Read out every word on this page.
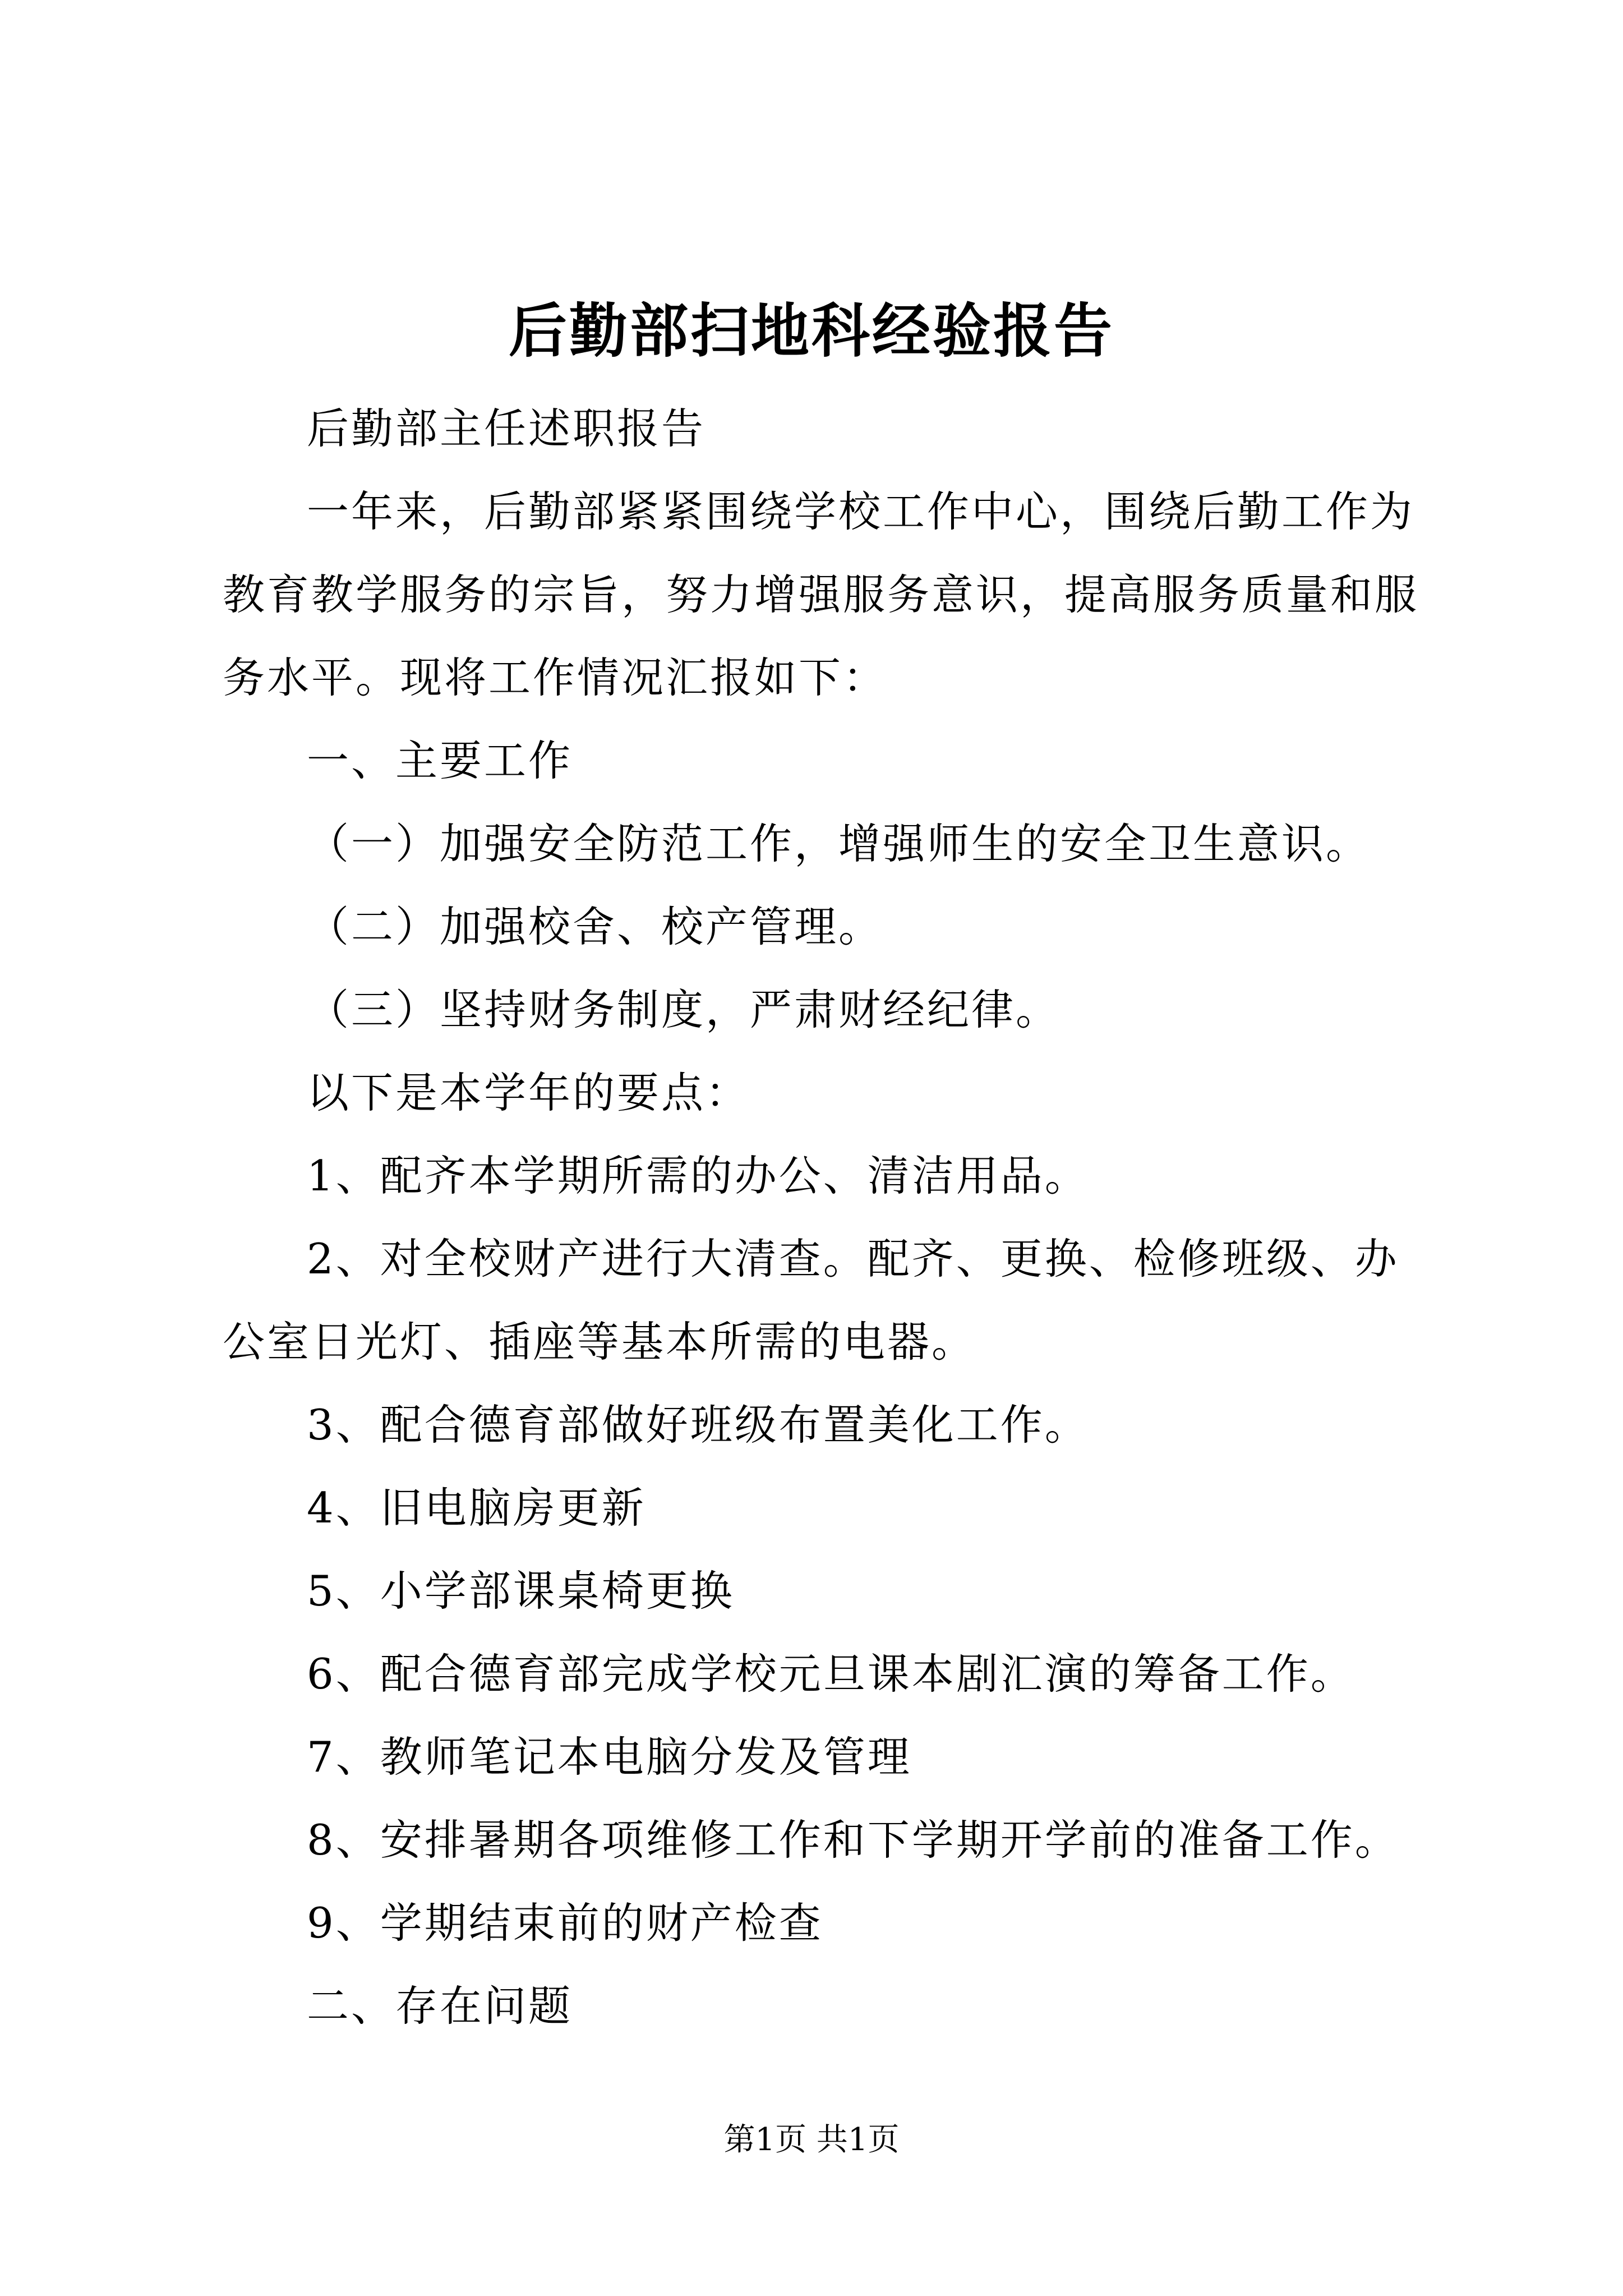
后勤部扫地科经验报告

后勤部主任述职报告

一年来，后勤部紧紧围绕学校工作中心，围绕后勤工作为教育教学服务的宗旨，努力增强服务意识，提高服务质量和服务水平。现将工作情况汇报如下：

一、主要工作

（一）加强安全防范工作，增强师生的安全卫生意识。

（二）加强校舍、校产管理。

（三）坚持财务制度，严肃财经纪律。

以下是本学年的要点：

1、配齐本学期所需的办公、清洁用品。

2、对全校财产进行大清查。配齐、更换、检修班级、办公室日光灯、插座等基本所需的电器。

3、配合德育部做好班级布置美化工作。

4、旧电脑房更新

5、小学部课桌椅更换

6、配合德育部完成学校元旦课本剧汇演的筹备工作。

7、教师笔记本电脑分发及管理

8、安排暑期各项维修工作和下学期开学前的准备工作。

9、学期结束前的财产检查

二、存在问题

第1页 共1页
